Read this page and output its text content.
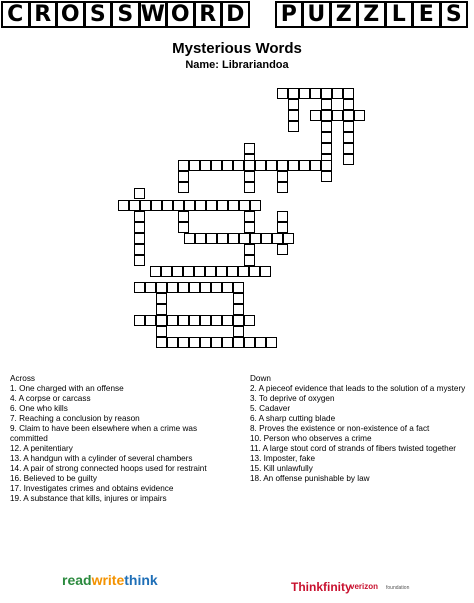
C R O S S W O R D P U Z Z L E S
Mysterious Words
Name: Librariandoa
Across
1. One charged with an offense
4. A corpse or carcass
6. One who kills
7. Reaching a conclusion by reason
9. Claim to have been elsewhere when a crime was committed
12. A penitentiary
13. A handgun with a cylinder of several chambers
14. A pair of strong connected hoops used for restraint
16. Believed to be guilty
17. Investigates crimes and obtains evidence
19. A substance that kills, injures or impairs
Down
2. A pieceof evidence that leads to the solution of a mystery
3. To deprive of oxygen
5. Cadaver
6. A sharp cutting blade
8. Proves the existence or non-existence of a fact
10. Person who observes a crime
11. A large stout cord of strands of fibers twisted together
13. Imposter, fake
15. Kill unlawfully
18. An offense punishable by law
readwritethink	Thinkfinity
verizon foundation
